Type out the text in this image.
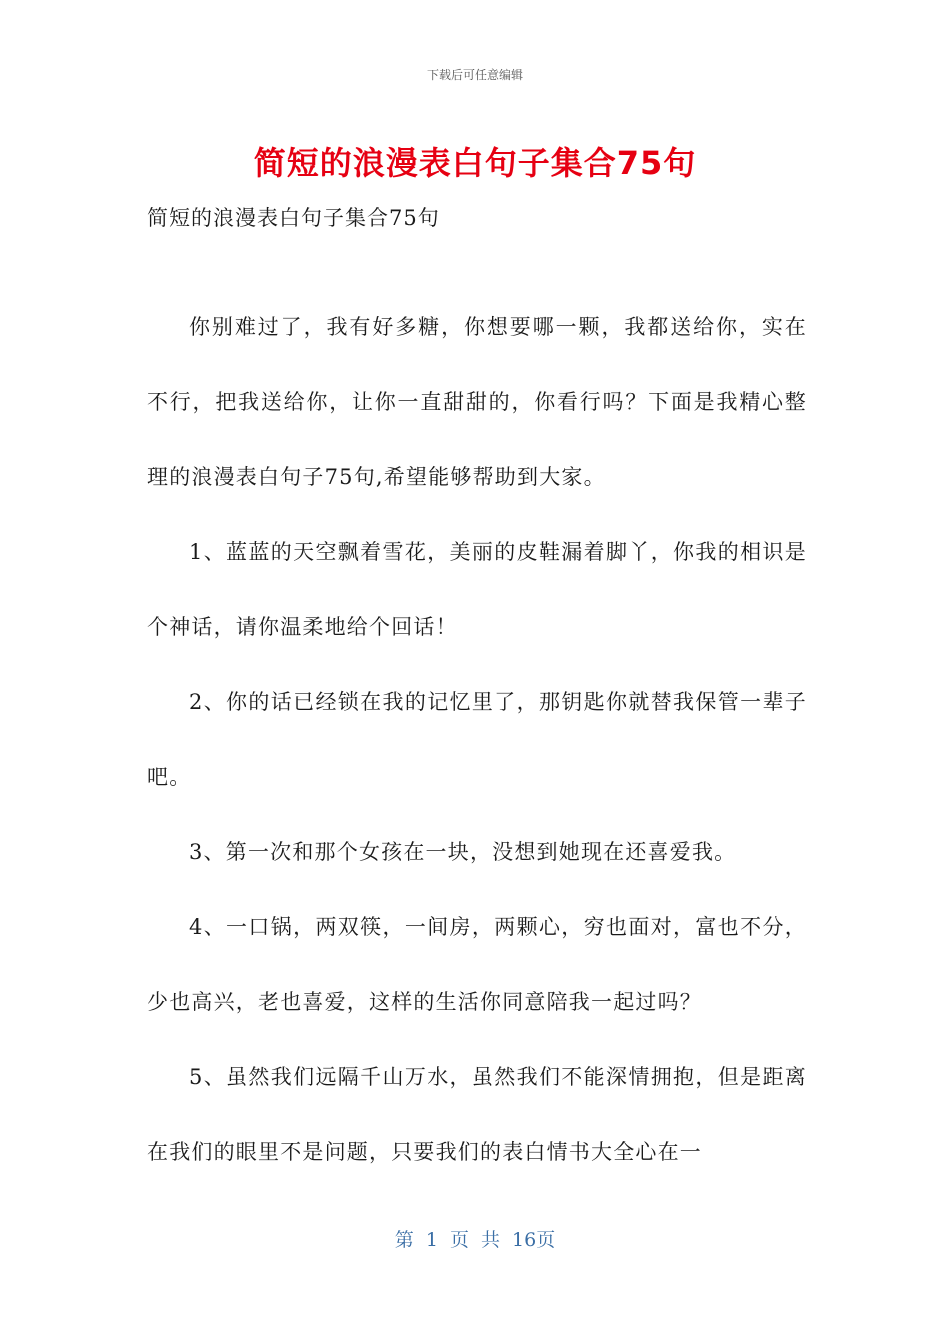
下载后可任意编辑
简短的浪漫表白句子集合75句
简短的浪漫表白句子集合75句

你别难过了，我有好多糖，你想要哪一颗，我都送给你，实在不行，把我送给你，让你一直甜甜的，你看行吗？下面是我精心整理的浪漫表白句子75句,希望能够帮助到大家。

1、蓝蓝的天空飘着雪花，美丽的皮鞋漏着脚丫，你我的相识是个神话，请你温柔地给个回话！

2、你的话已经锁在我的记忆里了，那钥匙你就替我保管一辈子吧。

3、第一次和那个女孩在一块，没想到她现在还喜爱我。

4、一口锅，两双筷，一间房，两颗心，穷也面对，富也不分，少也高兴，老也喜爱，这样的生活你同意陪我一起过吗？

5、虽然我们远隔千山万水，虽然我们不能深情拥抱，但是距离在我们的眼里不是问题，只要我们的表白情书大全心在一

第 1 页 共 16页
